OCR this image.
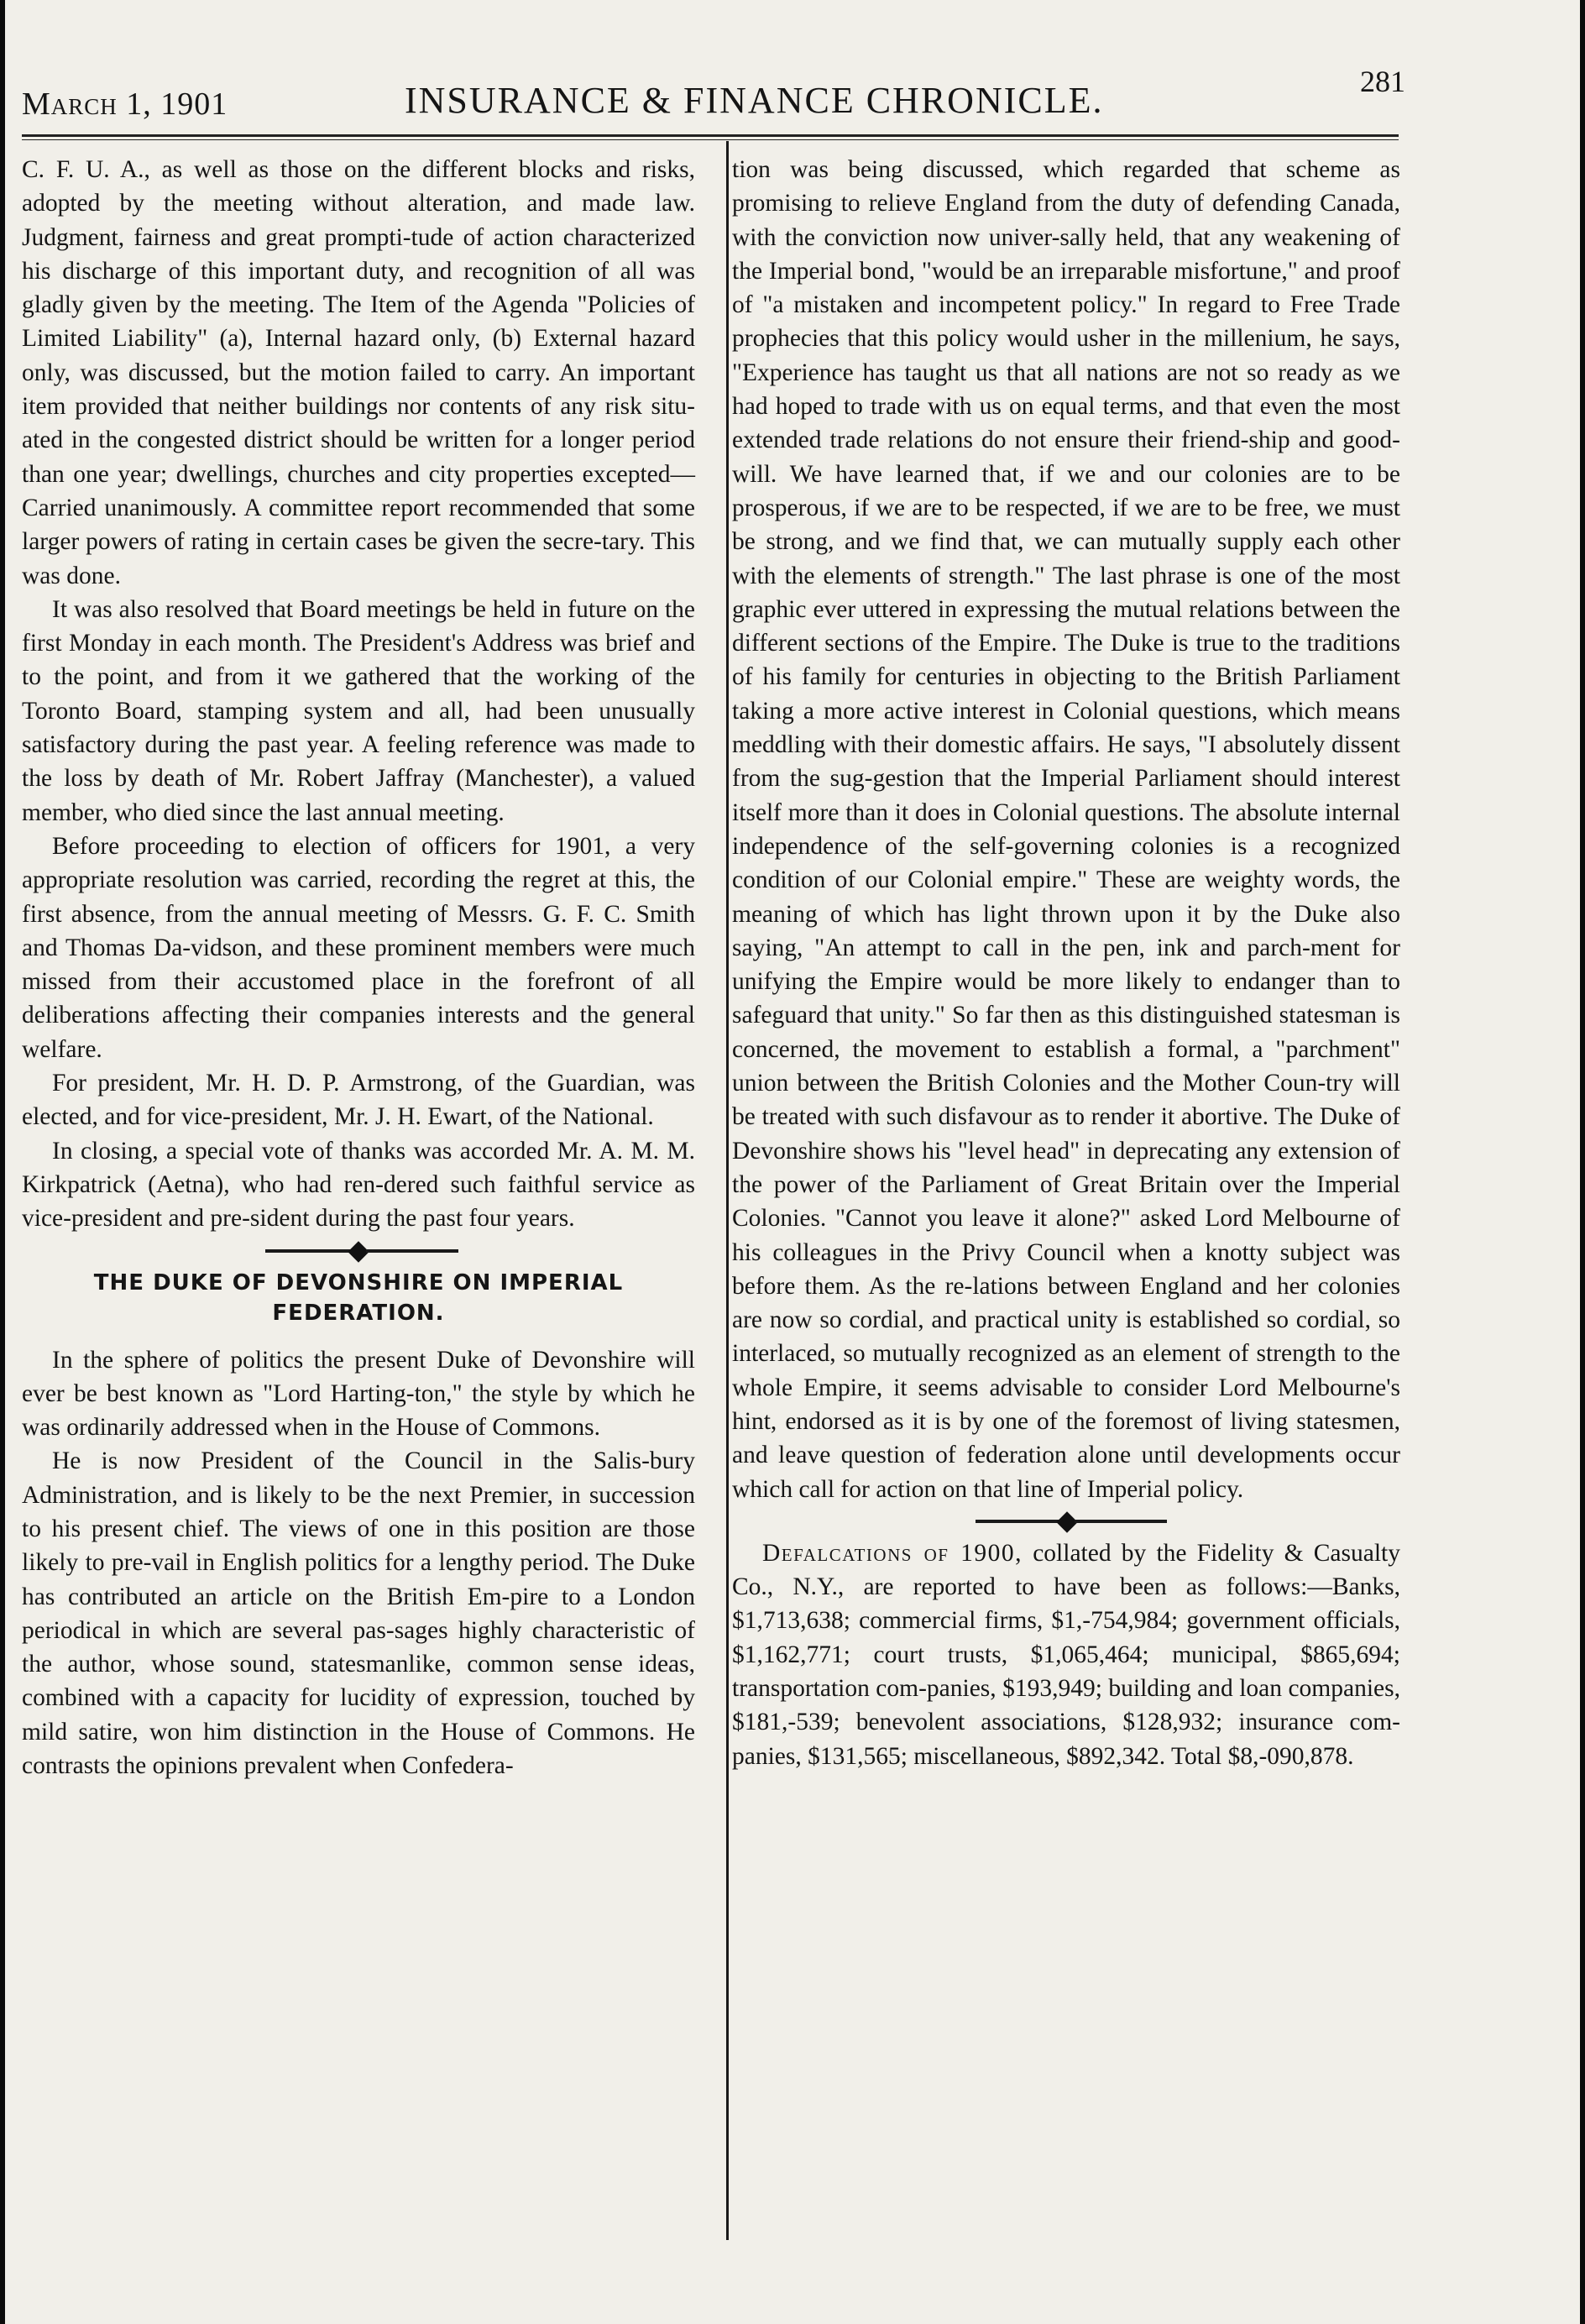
March 1, 1901	INSURANCE & FINANCE CHRONICLE.	281

C. F. U. A., as well as those on the different blocks and risks, adopted by the meeting without alteration, and made law. Judgment, fairness and great prompti-tude of action characterized his discharge of this important duty, and recognition of all was gladly given by the meeting. The Item of the Agenda "Policies of Limited Liability" (a), Internal hazard only, (b) External hazard only, was discussed, but the motion failed to carry. An important item provided that neither buildings nor contents of any risk situ-ated in the congested district should be written for a longer period than one year; dwellings, churches and city properties excepted—Carried unanimously. A committee report recommended that some larger powers of rating in certain cases be given the secre-tary. This was done.

It was also resolved that Board meetings be held in future on the first Monday in each month. The President's Address was brief and to the point, and from it we gathered that the working of the Toronto Board, stamping system and all, had been unusually satisfactory during the past year. A feeling reference was made to the loss by death of Mr. Robert Jaffray (Manchester), a valued member, who died since the last annual meeting.

Before proceeding to election of officers for 1901, a very appropriate resolution was carried, recording the regret at this, the first absence, from the annual meeting of Messrs. G. F. C. Smith and Thomas Da-vidson, and these prominent members were much missed from their accustomed place in the forefront of all deliberations affecting their companies interests and the general welfare.

For president, Mr. H. D. P. Armstrong, of the Guardian, was elected, and for vice-president, Mr. J. H. Ewart, of the National.

In closing, a special vote of thanks was accorded Mr. A. M. M. Kirkpatrick (Aetna), who had ren-dered such faithful service as vice-president and pre-sident during the past four years.

THE DUKE OF DEVONSHIRE ON IMPERIAL FEDERATION.

In the sphere of politics the present Duke of Devonshire will ever be best known as "Lord Harting-ton," the style by which he was ordinarily addressed when in the House of Commons.

He is now President of the Council in the Salis-bury Administration, and is likely to be the next Premier, in succession to his present chief. The views of one in this position are those likely to pre-vail in English politics for a lengthy period. The Duke has contributed an article on the British Em-pire to a London periodical in which are several pas-sages highly characteristic of the author, whose sound, statesmanlike, common sense ideas, combined with a capacity for lucidity of expression, touched by mild satire, won him distinction in the House of Commons. He contrasts the opinions prevalent when Confedera-

tion was being discussed, which regarded that scheme as promising to relieve England from the duty of defending Canada, with the conviction now univer-sally held, that any weakening of the Imperial bond, "would be an irreparable misfortune," and proof of "a mistaken and incompetent policy." In regard to Free Trade prophecies that this policy would usher in the millenium, he says, "Experience has taught us that all nations are not so ready as we had hoped to trade with us on equal terms, and that even the most extended trade relations do not ensure their friend-ship and good-will. We have learned that, if we and our colonies are to be prosperous, if we are to be respected, if we are to be free, we must be strong, and we find that, we can mutually supply each other with the elements of strength." The last phrase is one of the most graphic ever uttered in expressing the mutual relations between the different sections of the Empire. The Duke is true to the traditions of his family for centuries in objecting to the British Parliament taking a more active interest in Colonial questions, which means meddling with their domestic affairs. He says, "I absolutely dissent from the sug-gestion that the Imperial Parliament should interest itself more than it does in Colonial questions. The absolute internal independence of the self-governing colonies is a recognized condition of our Colonial empire." These are weighty words, the meaning of which has light thrown upon it by the Duke also saying, "An attempt to call in the pen, ink and parch-ment for unifying the Empire would be more likely to endanger than to safeguard that unity." So far then as this distinguished statesman is concerned, the movement to establish a formal, a "parchment" union between the British Colonies and the Mother Coun-try will be treated with such disfavour as to render it abortive. The Duke of Devonshire shows his "level head" in deprecating any extension of the power of the Parliament of Great Britain over the Imperial Colonies. "Cannot you leave it alone?" asked Lord Melbourne of his colleagues in the Privy Council when a knotty subject was before them. As the re-lations between England and her colonies are now so cordial, and practical unity is established so cordial, so interlaced, so mutually recognized as an element of strength to the whole Empire, it seems advisable to consider Lord Melbourne's hint, endorsed as it is by one of the foremost of living statesmen, and leave question of federation alone until developments occur which call for action on that line of Imperial policy.

Defalcations of 1900, collated by the Fidelity & Casualty Co., N.Y., are reported to have been as follows:—Banks, $1,713,638; commercial firms, $1,-754,984; government officials, $1,162,771; court trusts, $1,065,464; municipal, $865,694; transportation com-panies, $193,949; building and loan companies, $181,-539; benevolent associations, $128,932; insurance com-panies, $131,565; miscellaneous, $892,342. Total $8,-090,878.
